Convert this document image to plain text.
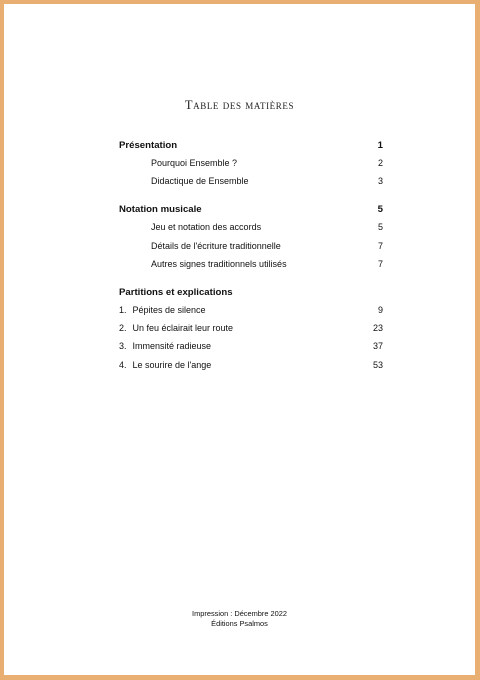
Table des matières
Présentation	1
Pourquoi Ensemble ?	2
Didactique de Ensemble	3
Notation musicale	5
Jeu et notation des accords	5
Détails de l'écriture traditionnelle	7
Autres signes traditionnels utilisés	7
Partitions et explications
1. Pépites de silence	9
2. Un feu éclairait leur route	23
3. Immensité radieuse	37
4. Le sourire de l'ange	53
Impression : Décembre 2022
Éditions Psalmos
